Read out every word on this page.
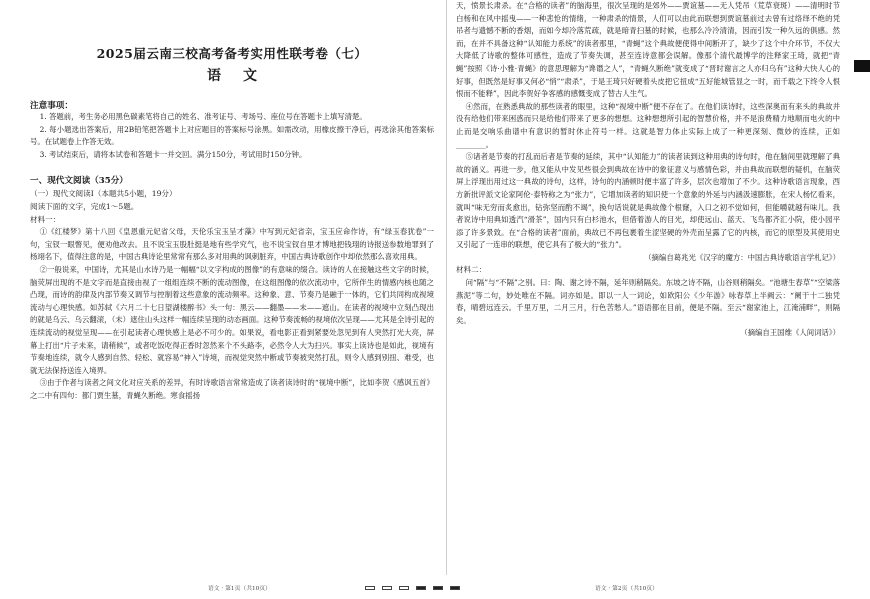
2025届云南三校高考备考实用性联考卷（七）
语文
注意事项：
1. 答题前，考生务必用黑色碳素笔将自己的姓名、准考证号、考场号、座位号在答题卡上填写清楚。
2. 每小题选出答案后，用2B铅笔把答题卡上对应题目的答案标号涂黑。如需改动，用橡皮擦干净后，再选涂其他答案标号。在试题卷上作答无效。
3. 考试结束后，请将本试卷和答题卡一并交回。满分150分，考试用时150分钟。
一、现代文阅读（35分）
（一）现代文阅读Ⅰ（本题共5小题，19分）
阅读下面的文字，完成1～5题。
材料一：
①《红楼梦》第十八回《皇恩重元妃省父母，天伦乐宝玉呈才藻》中写到元妃省亲，宝玉应命作诗，有“绿玉春犹卷”一句，宝钗一眼瞥见，便劝他改去。且不说宝玉股肚挺是地有些学究气，也不说宝钗自里才博地把钱珝的诗报送参数地罪到了杨翊名下，值得注意的是，中国古典诗论里常常有那么多对用典的讽刺脏弃，中国古典诗歌创作中却依然那么喜欢用典。
②一般说来，中国诗，尤其是山水诗乃是一幅幅“以文字构成的图像”的有意味的缀合。读诗的人在接触这些文字的时候，脑荧屏出现的不是文字而是直接由视了一组组连续不断的流动图像，在这组图像的依次流动中，它所伴生的情感内核也随之凸现，而诗的韵律及内部节奏又调节与控制着这些意象的流动频率。这种象、意、节奏乃是融于一体的，它们共同构成视境流动与心理快感。如苏轼《六月二十七日望湖楼醉书》头一句：黑云——翻墨——未——遮山。在读者的视境中立刻凸现出的就是乌云、乌云翻滚，（未）遮住山头这样一幅连续呈现的动态画面。这种节奏流畅的视境依次呈现——尤其是全诗引起的连续流动的视觉呈现——在引起读者心理快感上是必不可少的。如果说，看电影正看到紧要处忽见到有人突然打光大亮，屏幕上打出“片子未来，请稍候”，或者吃饭吃得正香时忽然来个不头路李，必然令人大为扫兴。事实上读诗也是如此，视境有节奏地连续，就令人感到自然、轻松、就容易“神入”诗境，而视觉突然中断或节奏被突然打乱，则令人感到别扭、难受，也就无法保持送连入境界。
③由于作者与读者之间文化对应关系的差异，有时诗歌语言常常造成了读者读诗时的“视境中断”，比如李贺《感讽五首》之二中有四句：都门贾生墓，青蝇久断绝。寒食摇扬
天，愤景长肃杀。在“合格的读者”的脑海里，很次呈现的是郊外——贾谊墓——无人凭吊（荒草衰斑）——清明时节白杨和在风中摇曳——一种悲怆的情绪，一种肃杀的情景，人们可以由此而联想到贾谊墓前过去曾有过络绎不绝的凭吊者与遗憾不断的香烟，而如今却冷落荒疏，就是暗青扫墓的时候，也那么冷冷清清，因而引发一种久远的俱感。然而，在并不具备这种“认知能力系统”的读者那里，“青蝇”这个典故便使得中间断开了，缺少了这个中介环节，不仅大大降低了诗歌的整体可感性，造成了节奏失调，甚至连诗意都会误解。像那个清代最博学的注释家王琦，就把“青蝇”按照《诗·小雅·青蝇》的意思理解为“谗谮之人”，“青蝇久断绝”就变成了“晋时谢言之人亦归乌有”这种大快人心的好事，但既然是好事又何必“悄”“肃杀”，于是王琦只好硬着头皮把它扭成“五好能城管显之一时，而千载之下终令人恨恨而不能释”，因此李贺好争客感的感慨变成了替古人生气。
④然而，在熟悉典故的那些读者的眼里，这种“视境中断”便不存在了。在他们读诗时，这些深奥而有来头的典故并没有给他们带来困惑而只是给他们带来了更多的想想。这种想想所引起的智慧价格，并不是浪费精力地顺而电火的中止而是交响乐曲谱中有意识的暂时休止符号一样。这就是智力体止实际上成了一种更深刻、微妙的连续，正如________。
⑤诸者是节奏的打乱而后者是节奏的延续，其中“认知能力”的读者读到这种用典的诗句时，他在脑间里就理解了典故的涵义。再进一步，他又能从中发见些很会到典故在诗中的象征意义与感情色彩，并由典故而联想的疑机，在脑荧屏上浮现出用过这一典故的诗句，这样，诗句的内涵顿时便丰富了许多，层次也增加了不少。这种诗歌语言现象，西方新批评派文论家阿伦·泰特称之为“张力”，它增加读者的知识使一个意象的外延与内涵汲速膨胀，在宋人杨忆看来，就叫“味无穷而炙愈出，钻弥坚而酌不竭”，换句话说就是典故像个根窿，入口之初不觉如何，但能嚼就越有味儿。我者说诗中用典如透汽“滑茶”，国内只有白杉池水，但借着游人的目光，却使远山、蓝天、飞鸟都齐汇小院，使小园平添了许多景致。在“合格的读者”面前，典故已不再包裹着生涩坚硬的外壳而呈露了它的内核，而它的原型及其使用史又引起了一连串的联想，使它具有了极大的“张力”。
（摘编自葛兆光《汉字的魔方：中国古典诗歌语言学札记》）
材料二：
问“隔”与“不隔”之别。曰：陶、谢之诗不隔，延年则稍隔矣。东坡之诗不隔，山谷则稍隔矣。“池塘生春草”“空梁落燕泥”等二句，妙处唯在不隔。词亦如是。即以一人一词论，如欧阳公《少年游》咏春草上半阙云：“阑干十二独凭春，晴碧远连云。千里万里，二月三月，行色苦愁人。”语语都在目前，便是不隔。至云“谢家池上，江淹浦畔”，则隔矣。
（摘编自王国维《人间词话》）
语文 · 第1页（共10页）	语文 · 第2页（共10页）
